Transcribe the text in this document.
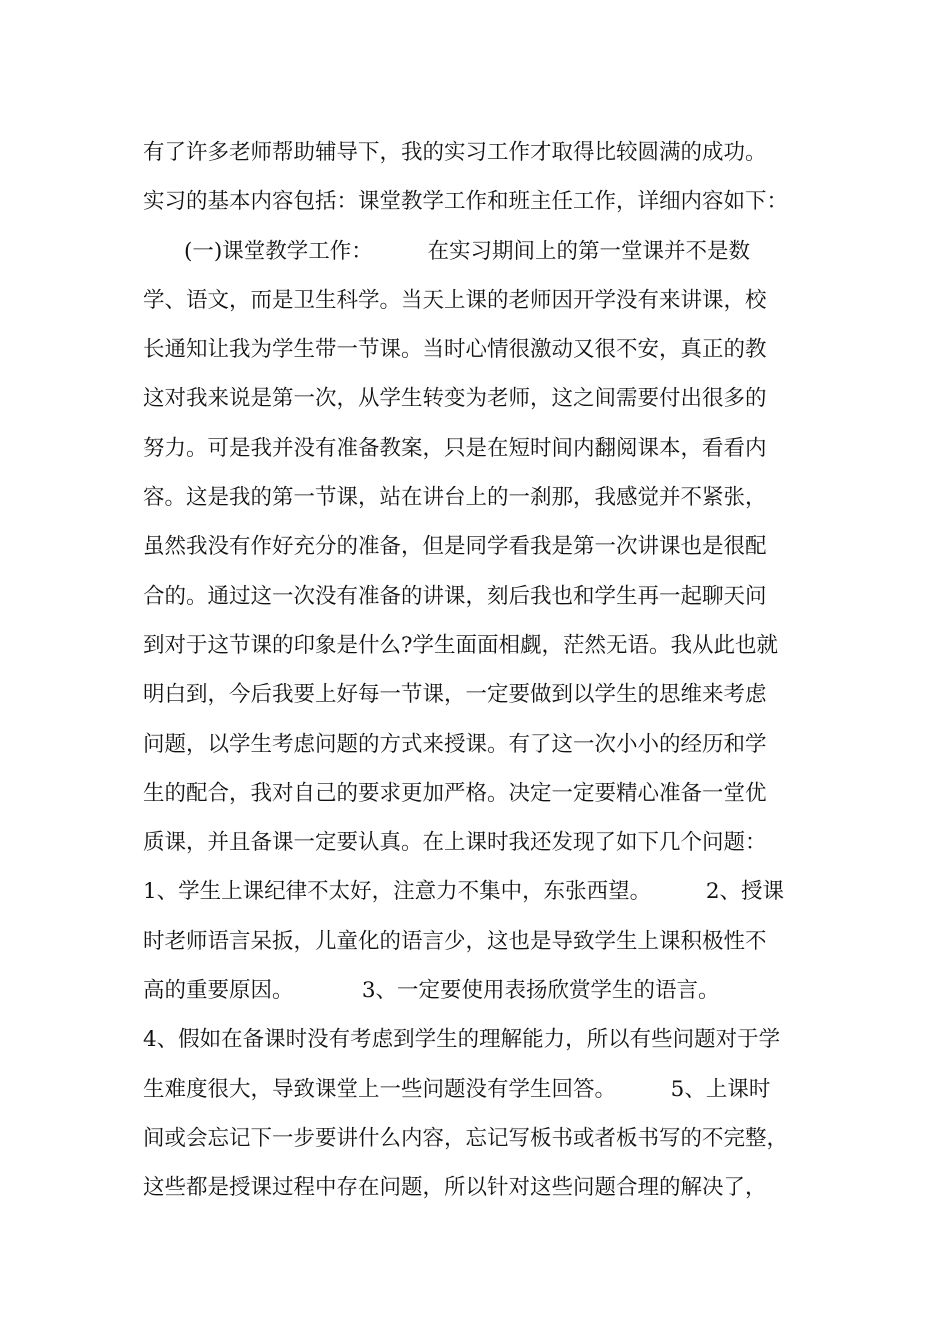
有了许多老师帮助辅导下，我的实习工作才取得比较圆满的成功。
实习的基本内容包括：课堂教学工作和班主任工作，详细内容如下：
(一)课堂教学工作：        在实习期间上的第一堂课并不是数
学、语文，而是卫生科学。当天上课的老师因开学没有来讲课，校
长通知让我为学生带一节课。当时心情很激动又很不安，真正的教
这对我来说是第一次，从学生转变为老师，这之间需要付出很多的
努力。可是我并没有准备教案，只是在短时间内翻阅课本，看看内
容。这是我的第一节课，站在讲台上的一刹那，我感觉并不紧张，
虽然我没有作好充分的准备，但是同学看我是第一次讲课也是很配
合的。通过这一次没有准备的讲课，刻后我也和学生再一起聊天问
到对于这节课的印象是什么?学生面面相觑，茫然无语。我从此也就
明白到，今后我要上好每一节课，一定要做到以学生的思维来考虑
问题，以学生考虑问题的方式来授课。有了这一次小小的经历和学
生的配合，我对自己的要求更加严格。决定一定要精心准备一堂优
质课，并且备课一定要认真。在上课时我还发现了如下几个问题：
1、学生上课纪律不太好，注意力不集中，东张西望。        2、授课
时老师语言呆扳，儿童化的语言少，这也是导致学生上课积极性不
高的重要原因。          3、一定要使用表扬欣赏学生的语言。
4、假如在备课时没有考虑到学生的理解能力，所以有些问题对于学
生难度很大，导致课堂上一些问题没有学生回答。        5、上课时
间或会忘记下一步要讲什么内容，忘记写板书或者板书写的不完整，
这些都是授课过程中存在问题，所以针对这些问题合理的解决了，
